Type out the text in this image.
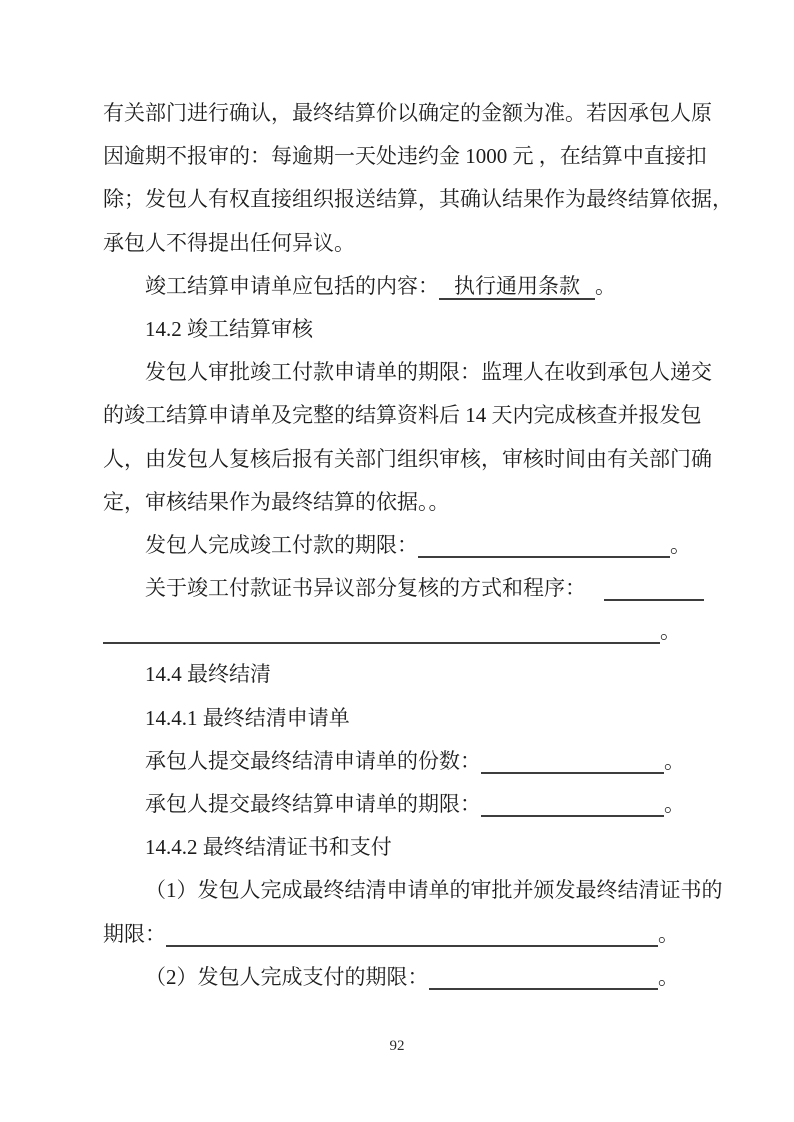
有关部门进行确认，最终结算价以确定的金额为准。若因承包人原
因逾期不报审的：每逾期一天处违约金 1000 元 ，在结算中直接扣
除；发包人有权直接组织报送结算，其确认结果作为最终结算依据，
承包人不得提出任何异议。
竣工结算申请单应包括的内容： 执行通用条款 。
14.2 竣工结算审核
发包人审批竣工付款申请单的期限：监理人在收到承包人递交
的竣工结算申请单及完整的结算资料后 14 天内完成核查并报发包
人，由发包人复核后报有关部门组织审核，审核时间由有关部门确
定，审核结果作为最终结算的依据。。
发包人完成竣工付款的期限：	。
关于竣工付款证书异议部分复核的方式和程序：
。
14.4 最终结清
14.4.1 最终结清申请单
承包人提交最终结清申请单的份数：	。
承包人提交最终结算申请单的期限：	。
14.4.2 最终结清证书和支付
（1）发包人完成最终结清申请单的审批并颁发最终结清证书的
期限：	。
（2）发包人完成支付的期限：	。
92
